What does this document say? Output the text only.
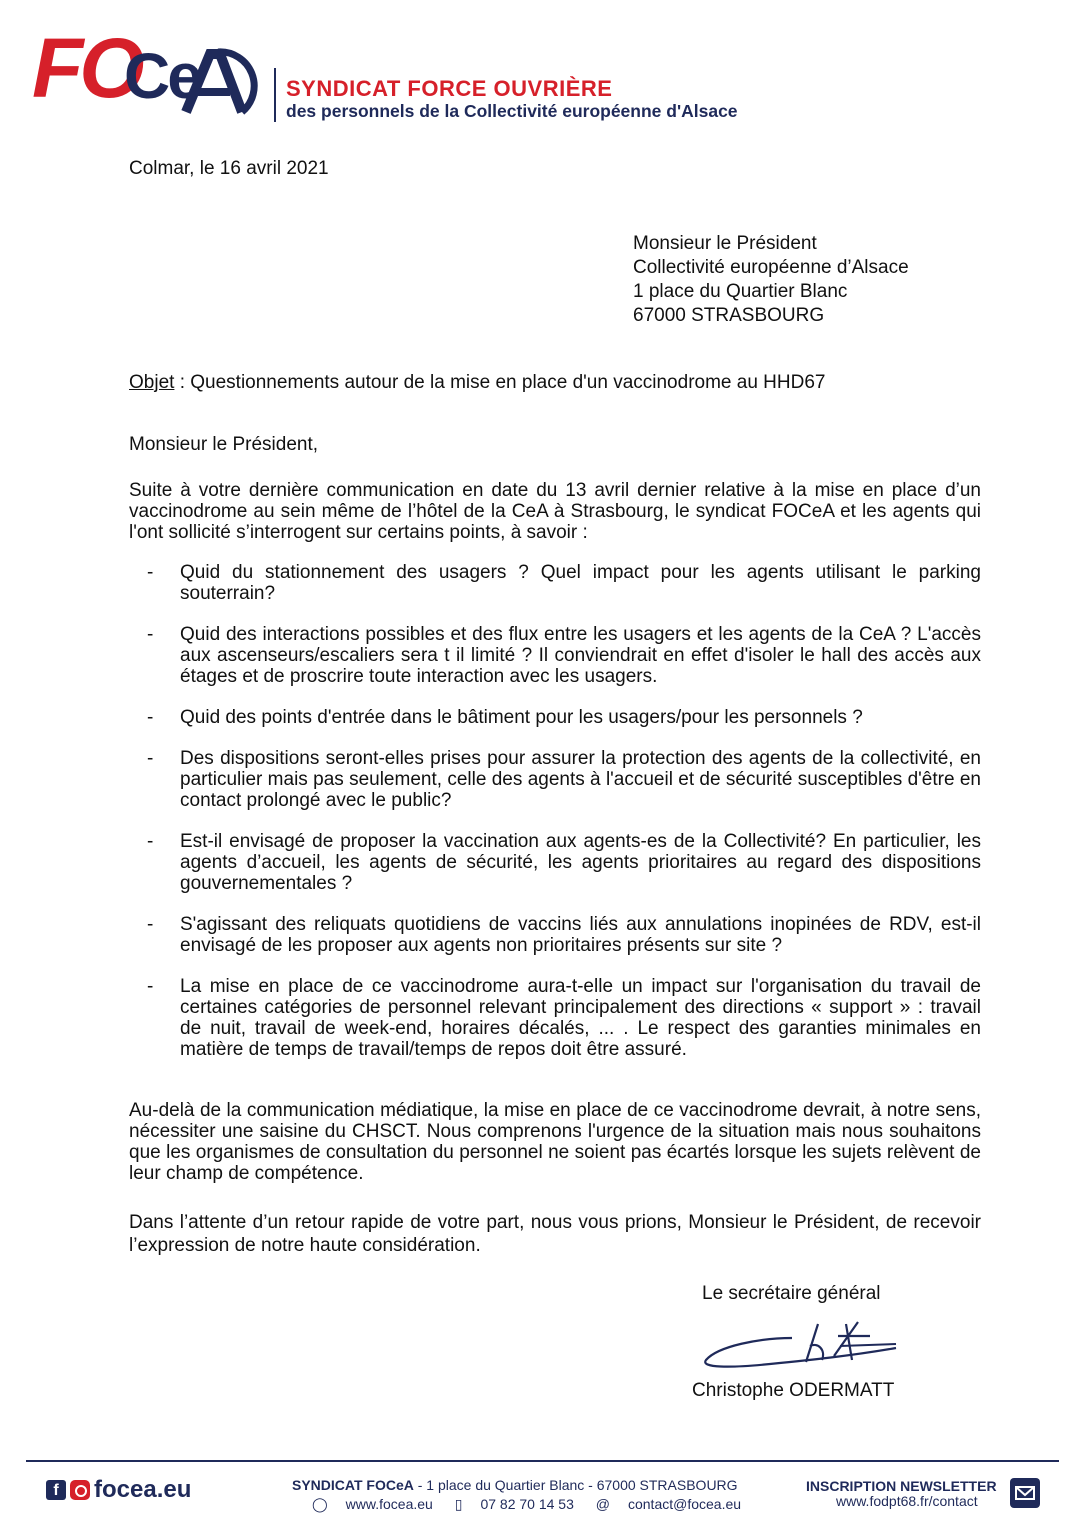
FO
Ce	SYNDICAT FORCE OUVRIÈRE
des personnels de la Collectivité européenne d'Alsace
Colmar, le 16 avril 2021
Monsieur le Président
Collectivité européenne d’Alsace
1 place du Quartier Blanc
67000 STRASBOURG
Objet : Questionnements autour de la mise en place d'un vaccinodrome au HHD67
Monsieur le Président,
Suite à votre dernière communication en date du 13 avril dernier relative à la mise en place d’un vaccinodrome au sein même de l’hôtel de la CeA à Strasbourg, le syndicat FOCeA et les agents qui l'ont sollicité s’interrogent sur certains points, à savoir :
- Quid du stationnement des usagers ? Quel impact pour les agents utilisant le parking souterrain?
- Quid des interactions possibles et des flux entre les usagers et les agents de la CeA ? L'accès aux ascenseurs/escaliers sera t il limité ? Il conviendrait en effet d'isoler le hall des accès aux étages et de proscrire toute interaction avec les usagers.
- Quid des points d'entrée dans le bâtiment pour les usagers/pour les personnels ?
- Des dispositions seront-elles prises pour assurer la protection des agents de la collectivité, en particulier mais pas seulement, celle des agents à l'accueil et de sécurité susceptibles d'être en contact prolongé avec le public?
- Est-il envisagé de proposer la vaccination aux agents-es de la Collectivité? En particulier, les agents d’accueil, les agents de sécurité, les agents prioritaires au regard des dispositions gouvernementales ?
- S'agissant des reliquats quotidiens de vaccins liés aux annulations inopinées de RDV, est-il envisagé de les proposer aux agents non prioritaires présents sur site ?
- La mise en place de ce vaccinodrome aura-t-elle un impact sur l'organisation du travail de certaines catégories de personnel relevant principalement des directions « support » : travail de nuit, travail de week-end, horaires décalés, ... . Le respect des garanties minimales en matière de temps de travail/temps de repos doit être assuré.
Au-delà de la communication médiatique, la mise en place de ce vaccinodrome devrait, à notre sens, nécessiter une saisine du CHSCT. Nous comprenons l'urgence de la situation mais nous souhaitons que les organismes de consultation du personnel ne soient pas écartés lorsque les sujets relèvent de leur champ de compétence.
Dans l’attente d’un retour rapide de votre part, nous vous prions, Monsieur le Président, de recevoir l’expression de notre haute considération.
Le secrétaire général
Christophe ODERMATT
f	focea.eu	SYNDICAT FOCeA - 1 place du Quartier Blanc - 67000 STRASBOURG
◯ www.focea.eu ▯ 07 82 70 14 53 @ contact@focea.eu
INSCRIPTION NEWSLETTER
www.fodpt68.fr/contact
